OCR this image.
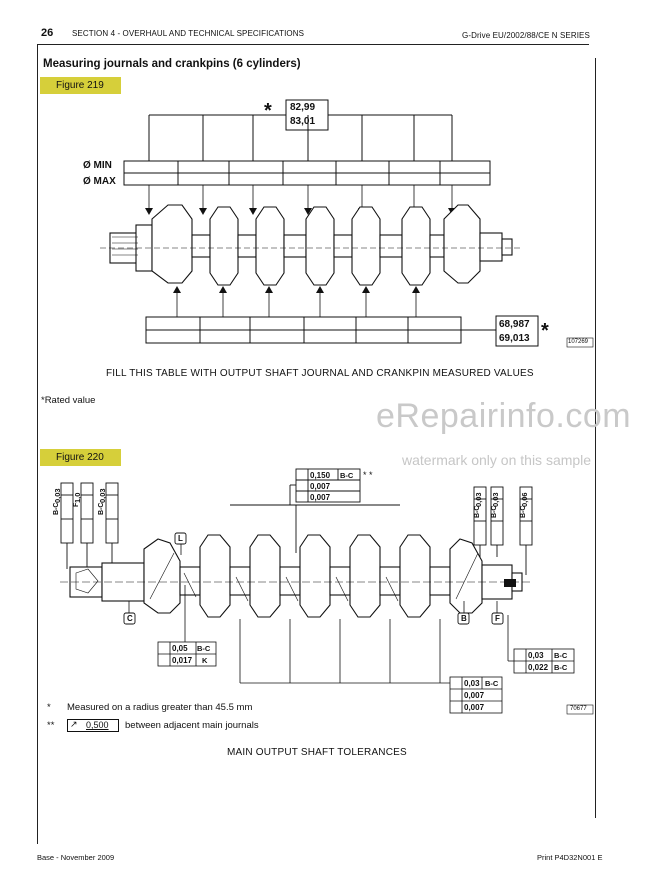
26 SECTION 4 - OVERHAUL AND TECHNICAL SPECIFICATIONS	G-Drive EU/2002/88/CE N SERIES
Measuring journals and crankpins (6 cylinders)
Figure 219
* 82,99
83,01
Ø MIN
Ø MAX
68,987
69,013 *	107269
FILL THIS TABLE WITH OUTPUT SHAFT JOURNAL AND CRANKPIN MEASURED VALUES
*Rated value	eRepairinfo.com
watermark only on this sample
Figure 220
0,150 B-C * *
0,007
0,007
0,03
B-C
1,0
F
0,03
B-C
0,03
B-C
0,03
B-C
0,06
B-C
L
C	B	F
0,05 B-C
0,017 K
0,03 B-C
0,022 B-C
0,03 B-C
0,007
0,007	70677
* Measured on a radius greater than 45.5 mm
** ↗ 0,500 between adjacent main journals
MAIN OUTPUT SHAFT TOLERANCES
Base - November 2009	Print P4D32N001 E
